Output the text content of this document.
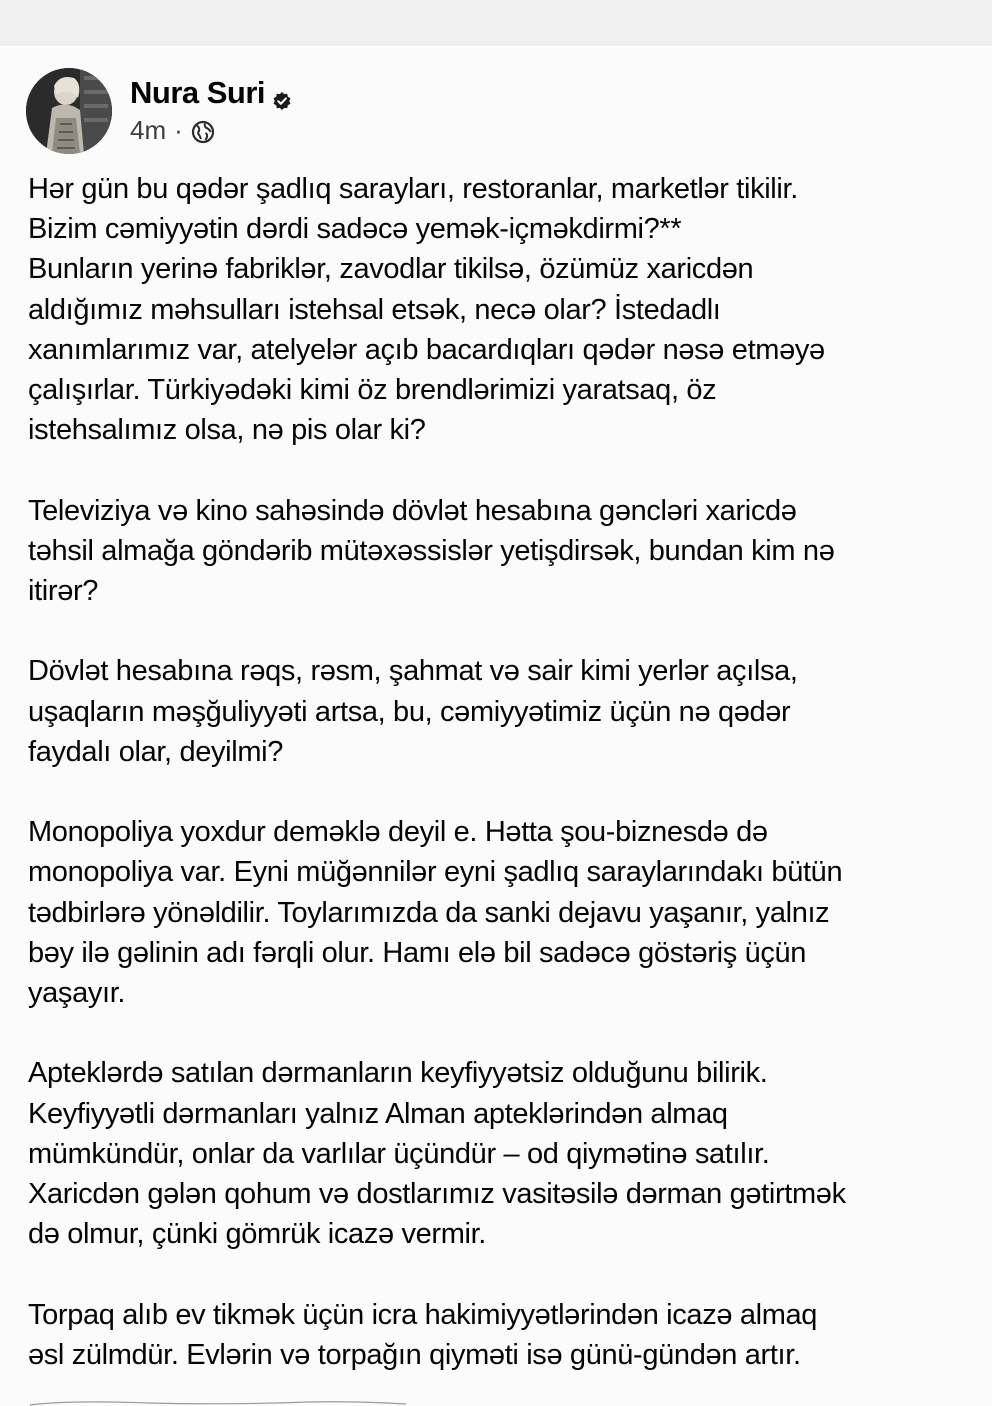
Nura Suri
4m ·
Hər gün bu qədər şadlıq sarayları, restoranlar, marketlər tikilir.
Bizim cəmiyyətin dərdi sadəcə yemək-içməkdirmi?**
Bunların yerinə fabriklər, zavodlar tikilsə, özümüz xaricdən
aldığımız məhsulları istehsal etsək, necə olar? İstedadlı
xanımlarımız var, atelyelər açıb bacardıqları qədər nəsə etməyə
çalışırlar. Türkiyədəki kimi öz brendlərimizi yaratsaq, öz
istehsalımız olsa, nə pis olar ki?
Televiziya və kino sahəsində dövlət hesabına gəncləri xaricdə
təhsil almağa göndərib mütəxəssislər yetişdirsək, bundan kim nə
itirər?
Dövlət hesabına rəqs, rəsm, şahmat və sair kimi yerlər açılsa,
uşaqların məşğuliyyəti artsa, bu, cəmiyyətimiz üçün nə qədər
faydalı olar, deyilmi?
Monopoliya yoxdur deməklə deyil e. Hətta şou-biznesdə də
monopoliya var. Eyni müğənnilər eyni şadlıq saraylarındakı bütün
tədbirlərə yönəldilir. Toylarımızda da sanki dejavu yaşanır, yalnız
bəy ilə gəlinin adı fərqli olur. Hamı elə bil sadəcə göstəriş üçün
yaşayır.
Apteklərdə satılan dərmanların keyfiyyətsiz olduğunu bilirik.
Keyfiyyətli dərmanları yalnız Alman apteklərindən almaq
mümkündür, onlar da varlılar üçündür – od qiymətinə satılır.
Xaricdən gələn qohum və dostlarımız vasitəsilə dərman gətirtmək
də olmur, çünki gömrük icazə vermir.
Torpaq alıb ev tikmək üçün icra hakimiyyətlərindən icazə almaq
əsl zülmdür. Evlərin və torpağın qiyməti isə günü-gündən artır.
